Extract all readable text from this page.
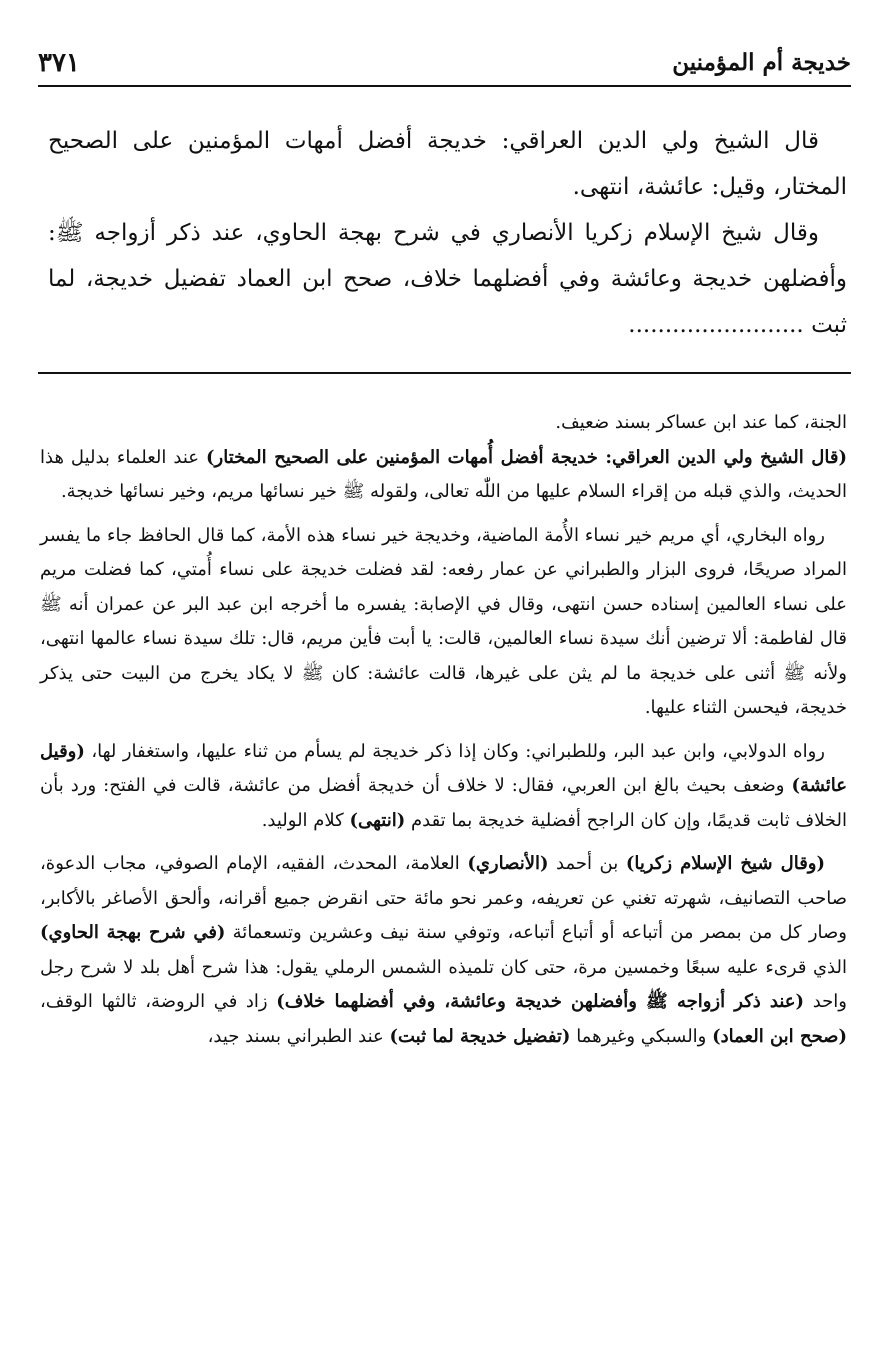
خديجة أم المؤمنين
٣٧١

قال الشيخ ولي الدين العراقي: خديجة أفضل أمهات المؤمنين على الصحيح المختار، وقيل: عائشة، انتهى.

وقال شيخ الإسلام زكريا الأنصاري في شرح بهجة الحاوي، عند ذكر أزواجه ﷺ: وأفضلهن خديجة وعائشة وفي أفضلهما خلاف، صحح ابن العماد تفضيل خديجة، لما ثبت ........................

الجنة، كما عند ابن عساكر بسند ضعيف.

(قال الشيخ ولي الدين العراقي: خديجة أفضل أُمهات المؤمنين على الصحيح المختار) عند العلماء بدليل هذا الحديث، والذي قبله من إقراء السلام عليها من اللّٰه تعالى، ولقوله ﷺ خير نسائها مريم، وخير نسائها خديجة.

رواه البخاري، أي مريم خير نساء الأُمة الماضية، وخديجة خير نساء هذه الأمة، كما قال الحافظ جاء ما يفسر المراد صريحًا، فروى البزار والطبراني عن عمار رفعه: لقد فضلت خديجة على نساء أُمتي، كما فضلت مريم على نساء العالمين إسناده حسن انتهى، وقال في الإصابة: يفسره ما أخرجه ابن عبد البر عن عمران أنه ﷺ قال لفاطمة: ألا ترضين أنك سيدة نساء العالمين، قالت: يا أبت فأين مريم، قال: تلك سيدة نساء عالمها انتهى، ولأنه ﷺ أثنى على خديجة ما لم يثن على غيرها، قالت عائشة: كان ﷺ لا يكاد يخرج من البيت حتى يذكر خديجة، فيحسن الثناء عليها.

رواه الدولابي، وابن عبد البر، وللطبراني: وكان إذا ذكر خديجة لم يسأم من ثناء عليها، واستغفار لها، (وقيل عائشة) وضعف بحيث بالغ ابن العربي، فقال: لا خلاف أن خديجة أفضل من عائشة، قالت في الفتح: ورد بأن الخلاف ثابت قديمًا، وإن كان الراجح أفضلية خديجة بما تقدم (انتهى) كلام الوليد.

(وقال شيخ الإسلام زكريا) بن أحمد (الأنصاري) العلامة، المحدث، الفقيه، الإمام الصوفي، مجاب الدعوة، صاحب التصانيف، شهرته تغني عن تعريفه، وعمر نحو مائة حتى انقرض جميع أقرانه، وألحق الأصاغر بالأكابر، وصار كل من بمصر من أتباعه أو أتباع أتباعه، وتوفي سنة نيف وعشرين وتسعمائة (في شرح بهجة الحاوي) الذي قرىء عليه سبعًا وخمسين مرة، حتى كان تلميذه الشمس الرملي يقول: هذا شرح أهل بلد لا شرح رجل واحد (عند ذكر أزواجه ﷺ وأفضلهن خديجة وعائشة، وفي أفضلهما خلاف) زاد في الروضة، ثالثها الوقف، (صحح ابن العماد) والسبكي وغيرهما (تفضيل خديجة لما ثبت) عند الطبراني بسند جيد،
